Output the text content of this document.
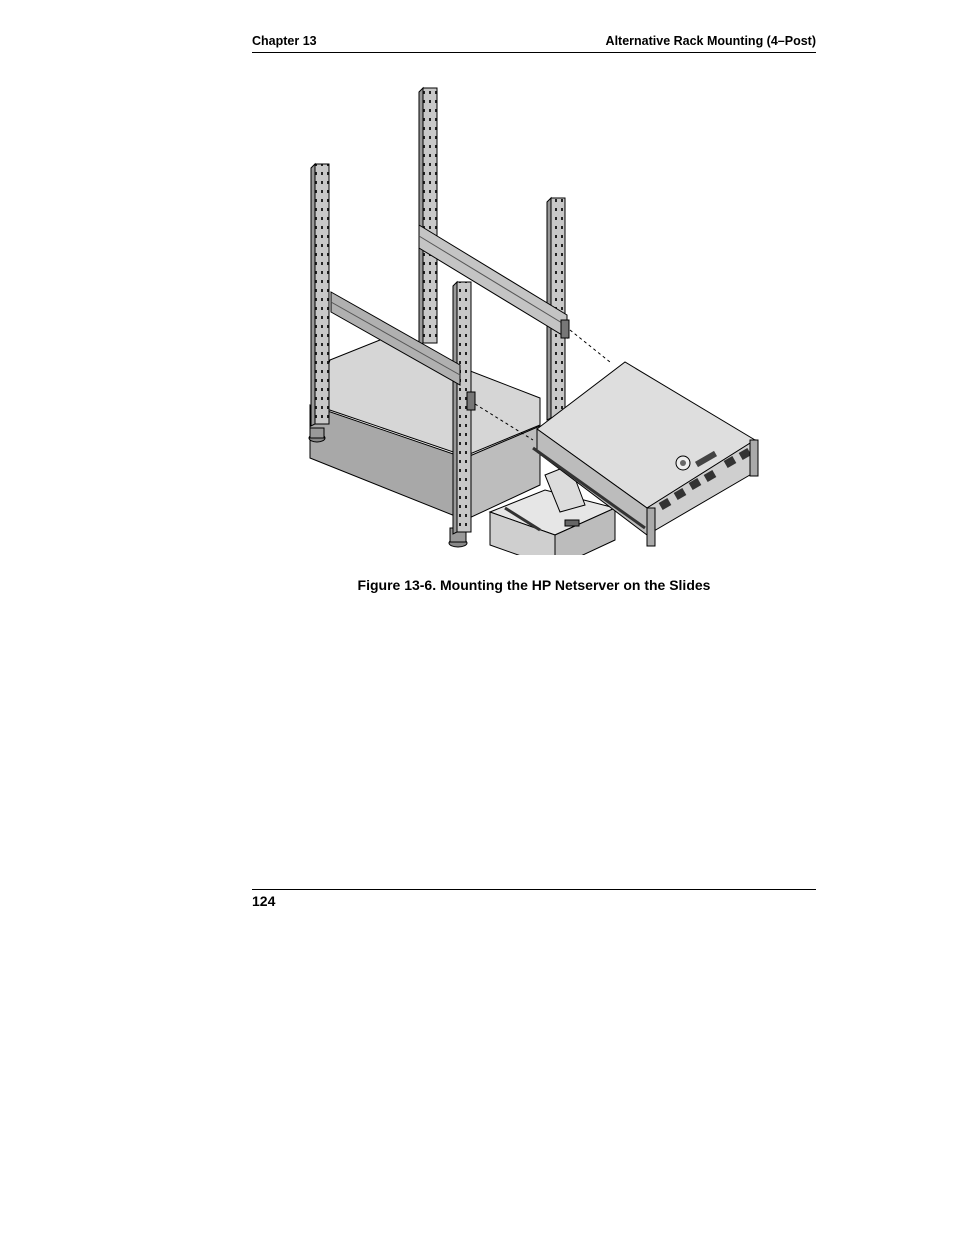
Chapter 13	Alternative Rack Mounting (4–Post)
Figure 13-6. Mounting the HP Netserver on the Slides
124
